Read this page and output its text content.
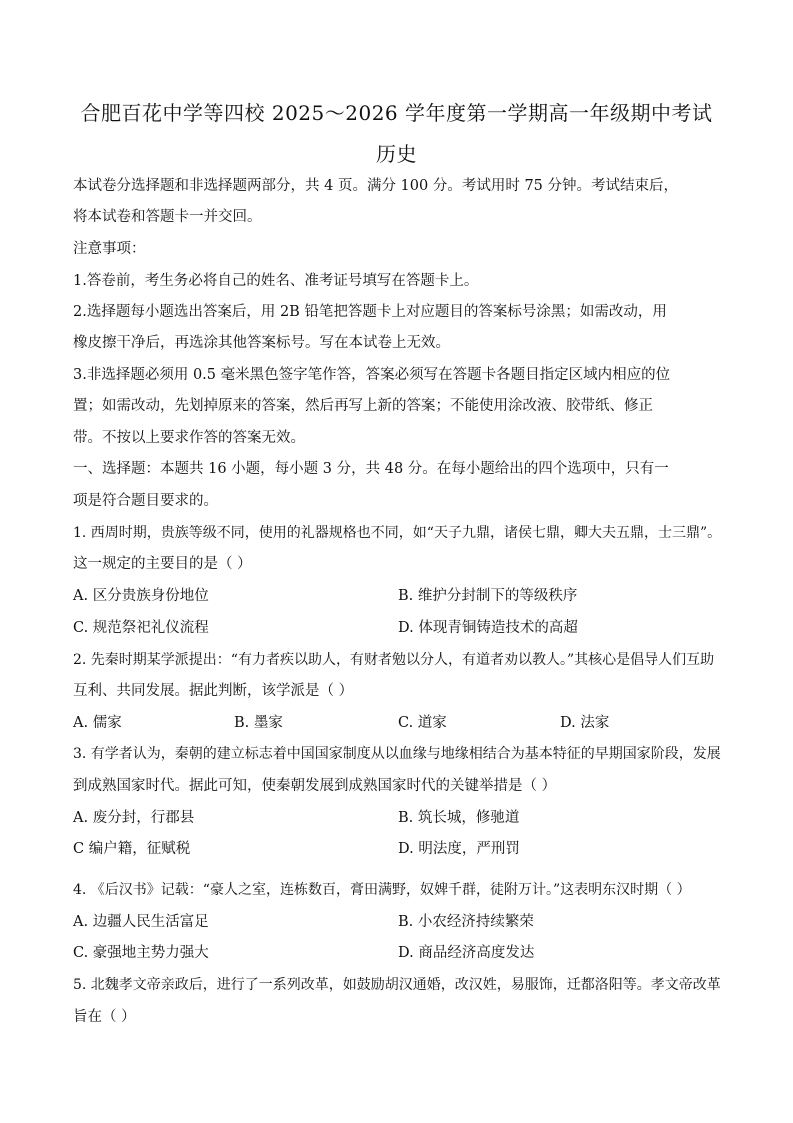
合肥百花中学等四校 2025～2026 学年度第一学期高一年级期中考试
历史
本试卷分选择题和非选择题两部分，共 4 页。满分 100 分。考试用时 75 分钟。考试结束后，
将本试卷和答题卡一并交回。
注意事项：
1.答卷前，考生务必将自己的姓名、准考证号填写在答题卡上。
2.选择题每小题选出答案后，用 2B 铅笔把答题卡上对应题目的答案标号涂黑；如需改动，用
橡皮擦干净后，再选涂其他答案标号。写在本试卷上无效。
3.非选择题必须用 0.5 毫米黑色签字笔作答，答案必须写在答题卡各题目指定区域内相应的位
置；如需改动，先划掉原来的答案，然后再写上新的答案；不能使用涂改液、胶带纸、修正
带。不按以上要求作答的答案无效。
一、选择题：本题共 16 小题，每小题 3 分，共 48 分。在每小题给出的四个选项中，只有一
项是符合题目要求的。
1. 西周时期，贵族等级不同，使用的礼器规格也不同，如“天子九鼎，诸侯七鼎，卿大夫五鼎，士三鼎”。
这一规定的主要目的是（ ）
A. 区分贵族身份地位	B. 维护分封制下的等级秩序
C. 规范祭祀礼仪流程	D. 体现青铜铸造技术的高超
2. 先秦时期某学派提出：“有力者疾以助人，有财者勉以分人，有道者劝以教人。”其核心是倡导人们互助
互利、共同发展。据此判断，该学派是（ ）
A. 儒家	B. 墨家	C. 道家	D. 法家
3. 有学者认为，秦朝的建立标志着中国国家制度从以血缘与地缘相结合为基本特征的早期国家阶段，发展
到成熟国家时代。据此可知，使秦朝发展到成熟国家时代的关键举措是（ ）
A. 废分封，行郡县	B. 筑长城，修驰道
C 编户籍，征赋税	D. 明法度，严刑罚
4. 《后汉书》记载：“豪人之室，连栋数百，膏田满野，奴婢千群，徒附万计。”这表明东汉时期（ ）
A. 边疆人民生活富足	B. 小农经济持续繁荣
C. 豪强地主势力强大	D. 商品经济高度发达
5. 北魏孝文帝亲政后，进行了一系列改革，如鼓励胡汉通婚，改汉姓，易服饰，迁都洛阳等。孝文帝改革
旨在（ ）
